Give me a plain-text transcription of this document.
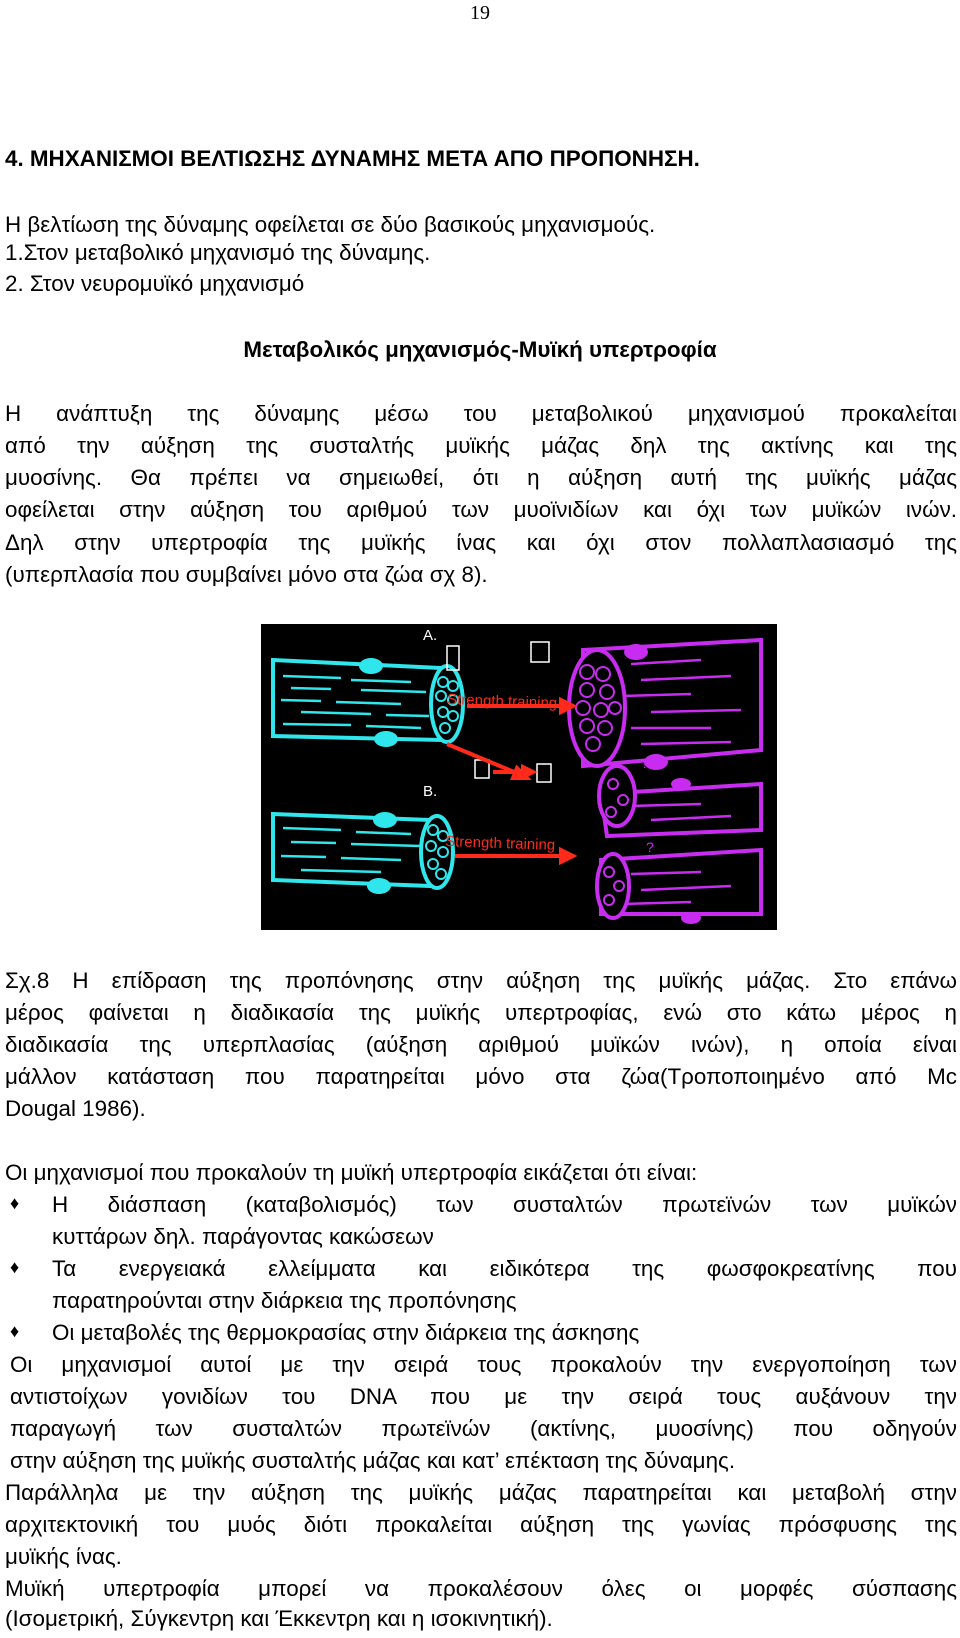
19
4. ΜΗΧΑΝΙΣΜΟΙ ΒΕΛΤΙΩΣΗΣ ΔΥΝΑΜΗΣ ΜΕΤΑ ΑΠΟ ΠΡΟΠΟΝΗΣΗ.
Η βελτίωση της δύναμης οφείλεται σε δύο βασικούς μηχανισμούς.
1.Στον μεταβολικό μηχανισμό της δύναμης.
2. Στον νευρομυϊκό μηχανισμό
Μεταβολικός μηχανισμός-Μυϊκή υπερτροφία
Η ανάπτυξη της δύναμης μέσω του μεταβολικού μηχανισμού προκαλείται
από την αύξηση της συσταλτής μυϊκής μάζας δηλ της ακτίνης και της
μυοσίνης. Θα πρέπει να σημειωθεί, ότι η αύξηση αυτή της μυϊκής μάζας
οφείλεται στην αύξηση του αριθμού των μυοϊνιδίων και όχι των μυϊκών ινών.
Δηλ στην υπερτροφία της μυϊκής ίνας και όχι στον πολλαπλασιασμό της
(υπερπλασία που συμβαίνει μόνο στα ζώα σχ 8).
?
?
Strength training
Strength training
A.
B.
Σχ.8 Η επίδραση της προπόνησης στην αύξηση της μυϊκής μάζας. Στο επάνω
μέρος φαίνεται η διαδικασία της μυϊκής υπερτροφίας, ενώ στο κάτω μέρος η
διαδικασία της υπερπλασίας (αύξηση αριθμού μυϊκών ινών), η οποία είναι
μάλλον κατάσταση που παρατηρείται μόνο στα ζώα(Τροποποιημένο από Mc
Dougal 1986).
Οι μηχανισμοί που προκαλούν τη μυϊκή υπερτροφία εικάζεται ότι είναι:
♦ Η διάσπαση (καταβολισμός) των συσταλτών πρωτεϊνών των μυϊκών
κυττάρων δηλ. παράγοντας κακώσεων
♦ Τα ενεργειακά ελλείμματα και ειδικότερα της φωσφοκρεατίνης που
παρατηρούνται στην διάρκεια της προπόνησης
♦ Οι μεταβολές της θερμοκρασίας στην διάρκεια της άσκησης
Οι μηχανισμοί αυτοί με την σειρά τους προκαλούν την ενεργοποίηση των
αντιστοίχων γονιδίων του DNA που με την σειρά τους αυξάνουν την
παραγωγή των συσταλτών πρωτεϊνών (ακτίνης, μυοσίνης) που οδηγούν
στην αύξηση της μυϊκής συσταλτής μάζας και κατ’ επέκταση της δύναμης.
Παράλληλα με την αύξηση της μυϊκής μάζας παρατηρείται και μεταβολή στην
αρχιτεκτονική του μυός διότι προκαλείται αύξηση της γωνίας πρόσφυσης της
μυϊκής ίνας.
Μυϊκή υπερτροφία μπορεί να προκαλέσουν όλες οι μορφές σύσπασης
(Ισομετρική, Σύγκεντρη και Έκκεντρη και η ισοκινητική).
